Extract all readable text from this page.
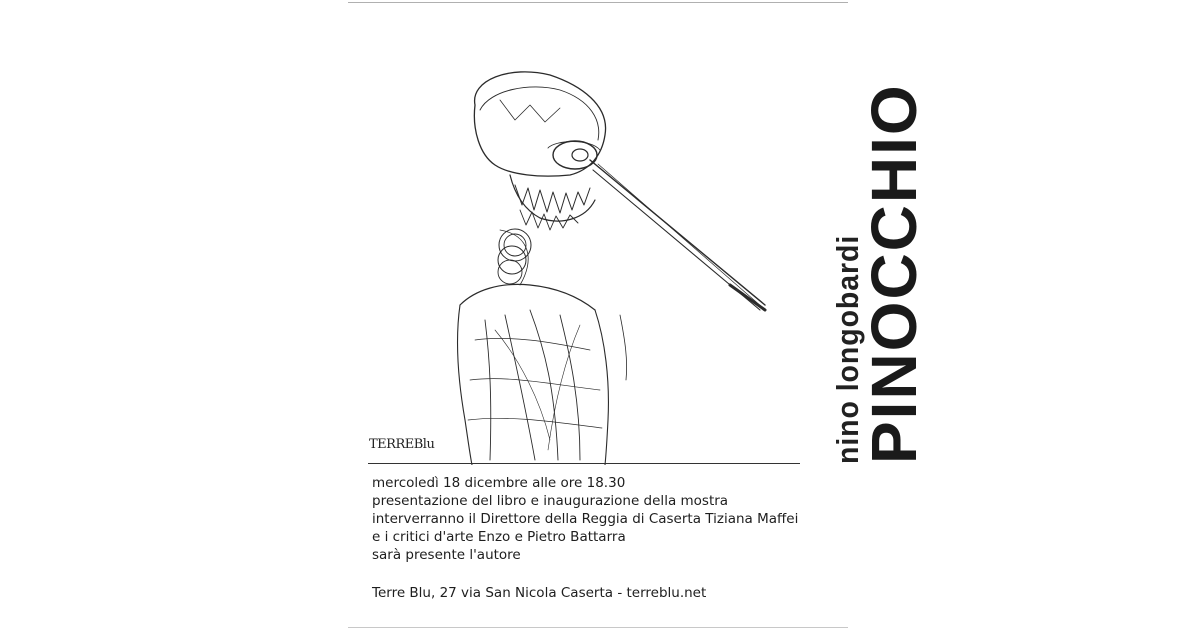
TERREBlu	nino longobardi
PINOCCHIO
mercoledì 18 dicembre alle ore 18.30
presentazione del libro e inaugurazione della mostra
interverranno il Direttore della Reggia di Caserta Tiziana Maffei
e i critici d'arte Enzo e Pietro Battarra
sarà presente l'autore
Terre Blu, 27 via San Nicola Caserta - terreblu.net
